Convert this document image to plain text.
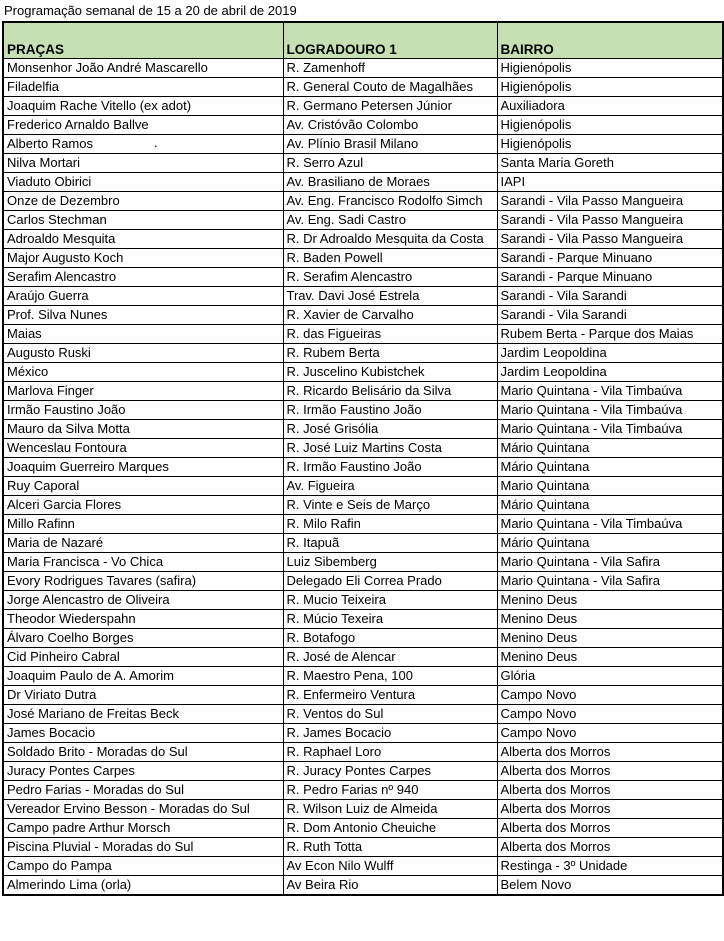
Programação semanal de 15 a 20 de abril de 2019
.
PRAÇAS	LOGRADOURO 1	BAIRRO
Monsenhor João André Mascarello	R. Zamenhoff	Higienópolis
Filadelfia	R. General Couto de Magalhães	Higienópolis
Joaquim Rache Vitello (ex adot)	R. Germano Petersen Júnior	Auxiliadora
Frederico Arnaldo Ballve	Av. Cristóvão Colombo	Higienópolis
Alberto Ramos	Av. Plínio Brasil Milano	Higienópolis
Nilva Mortari	R. Serro Azul	Santa Maria Goreth
Viaduto Obirici	Av. Brasiliano de Moraes	IAPI
Onze de Dezembro	Av. Eng. Francisco Rodolfo Simch	Sarandi - Vila Passo Mangueira
Carlos Stechman	Av. Eng. Sadi Castro	Sarandi - Vila Passo Mangueira
Adroaldo Mesquita	R. Dr Adroaldo Mesquita da Costa	Sarandi - Vila Passo Mangueira
Major Augusto Koch	R. Baden Powell	Sarandi - Parque Minuano
Serafim Alencastro	R. Serafim Alencastro	Sarandi - Parque Minuano
Araújo Guerra	Trav. Davi José Estrela	Sarandi - Vila Sarandi
Prof. Silva Nunes	R. Xavier de Carvalho	Sarandi - Vila Sarandi
Maias	R. das Figueiras	Rubem Berta - Parque dos Maias
Augusto Ruski	R. Rubem Berta	Jardim Leopoldina
México	R. Juscelino Kubistchek	Jardim Leopoldina
Marlova Finger	R. Ricardo Belisário da Silva	Mario Quintana - Vila Timbaúva
Irmão Faustino João	R. Irmão Faustino João	Mario Quintana - Vila Timbaúva
Mauro da Silva Motta	R. José Grisólia	Mario Quintana - Vila Timbaúva
Wenceslau Fontoura	R. José Luiz Martins Costa	Mário Quintana
Joaquim Guerreiro Marques	R. Irmão Faustino João	Mário Quintana
Ruy Caporal	Av. Figueira	Mario Quintana
Alceri Garcia Flores	R. Vinte e Seis de Março	Mário Quintana
Millo Rafinn	R. Milo Rafin	Mario Quintana - Vila Timbaúva
Maria de Nazaré	R. Itapuã	Mário Quintana
Maria Francisca - Vo Chica	Luiz Sibemberg	Mario Quintana - Vila Safira
Evory Rodrigues Tavares (safira)	Delegado Eli Correa Prado	Mario Quintana - Vila Safira
Jorge Alencastro de Oliveira	R. Mucio Teixeira	Menino Deus
Theodor Wiederspahn	R. Múcio Texeira	Menino Deus
Álvaro Coelho Borges	R. Botafogo	Menino Deus
Cid Pinheiro Cabral	R. José de Alencar	Menino Deus
Joaquim Paulo de A. Amorim	R. Maestro Pena, 100	Glória
Dr Viriato Dutra	R. Enfermeiro Ventura	Campo Novo
José Mariano de Freitas Beck	R. Ventos do Sul	Campo Novo
James Bocacio	R. James Bocacio	Campo Novo
Soldado Brito - Moradas do Sul	R. Raphael Loro	Alberta dos Morros
Juracy Pontes Carpes	R. Juracy Pontes Carpes	Alberta dos Morros
Pedro Farias - Moradas do Sul	R. Pedro Farias nº 940	Alberta dos Morros
Vereador Ervino Besson - Moradas do Sul	R. Wilson Luiz de Almeida	Alberta dos Morros
Campo padre Arthur Morsch	R. Dom Antonio Cheuiche	Alberta dos Morros
Piscina Pluvial - Moradas do Sul	R. Ruth Totta	Alberta dos Morros
Campo do Pampa	Av Econ Nilo Wulff	Restinga - 3º Unidade
Almerindo Lima (orla)	Av Beira Rio	Belem Novo
